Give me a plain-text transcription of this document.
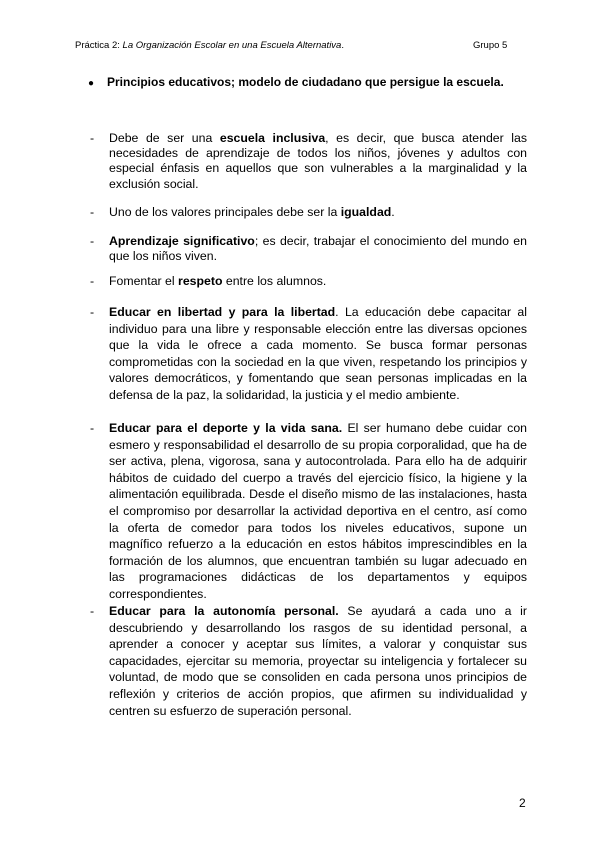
Práctica 2: La Organización Escolar en una Escuela Alternativa.	Grupo 5
● Principios educativos; modelo de ciudadano que persigue la escuela.
- Debe de ser una escuela inclusiva, es decir, que busca atender las necesidades de aprendizaje de todos los niños, jóvenes y adultos con especial énfasis en aquellos que son vulnerables a la marginalidad y la exclusión social.
- Uno de los valores principales debe ser la igualdad.
- Aprendizaje significativo; es decir, trabajar el conocimiento del mundo en que los niños viven.
- Fomentar el respeto entre los alumnos.
- Educar en libertad y para la libertad. La educación debe capacitar al individuo para una libre y responsable elección entre las diversas opciones que la vida le ofrece a cada momento. Se busca formar personas comprometidas con la sociedad en la que viven, respetando los principios y valores democráticos, y fomentando que sean personas implicadas en la defensa de la paz, la solidaridad, la justicia y el medio ambiente.
- Educar para el deporte y la vida sana. El ser humano debe cuidar con esmero y responsabilidad el desarrollo de su propia corporalidad, que ha de ser activa, plena, vigorosa, sana y autocontrolada. Para ello ha de adquirir hábitos de cuidado del cuerpo a través del ejercicio físico, la higiene y la alimentación equilibrada. Desde el diseño mismo de las instalaciones, hasta el compromiso por desarrollar la actividad deportiva en el centro, así como la oferta de comedor para todos los niveles educativos, supone un magnífico refuerzo a la educación en estos hábitos imprescindibles en la formación de los alumnos, que encuentran también su lugar adecuado en las programaciones didácticas de los departamentos y equipos correspondientes.
- Educar para la autonomía personal. Se ayudará a cada uno a ir descubriendo y desarrollando los rasgos de su identidad personal, a aprender a conocer y aceptar sus límites, a valorar y conquistar sus capacidades, ejercitar su memoria, proyectar su inteligencia y fortalecer su voluntad, de modo que se consoliden en cada persona unos principios de reflexión y criterios de acción propios, que afirmen su individualidad y centren su esfuerzo de superación personal.
2
